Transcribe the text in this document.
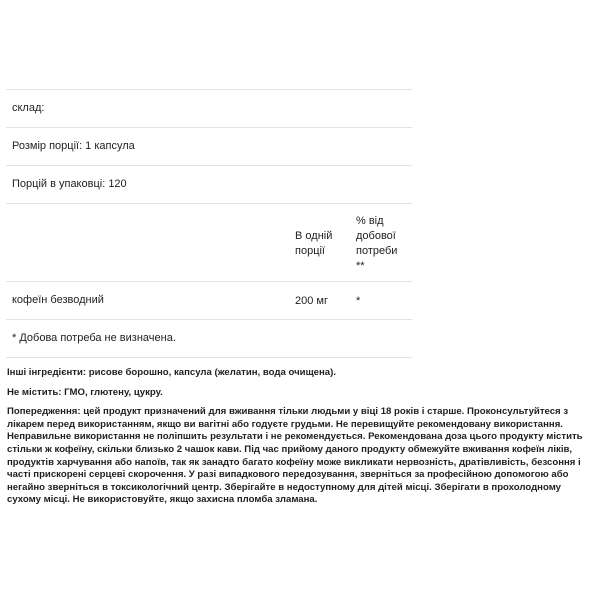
склад:
Розмір порції: 1 капсула
Порцій в упаковці: 120
В одній
порції
% від
добової
потреби
**
кофеїн безводний	200 мг	*
* Добова потреба не визначена.

Інші інгредієнти: рисове борошно, капсула (желатин, вода очищена).

Не містить: ГМО, глютену, цукру.

Попередження: цей продукт призначений для вживання тільки людьми у віці 18 років і старше. Проконсультуйтеся з лікарем перед використанням, якщо ви вагітні або годуєте грудьми. Не перевищуйте рекомендовану використання. Неправильне використання не поліпшить результати і не рекомендується. Рекомендована доза цього продукту містить стільки ж кофеїну, скільки близько 2 чашок кави. Під час прийому даного продукту обмежуйте вживання кофеїн ліків, продуктів харчування або напоїв, так як занадто багато кофеїну може викликати нервозність, дратівливість, безсоння і часті прискорені серцеві скорочення. У разі випадкового передозування, зверніться за професійною допомогою або негайно зверніться в токсикологічний центр. Зберігайте в недоступному для дітей місці. Зберігати в прохолодному сухому місці. Не використовуйте, якщо захисна пломба зламана.
